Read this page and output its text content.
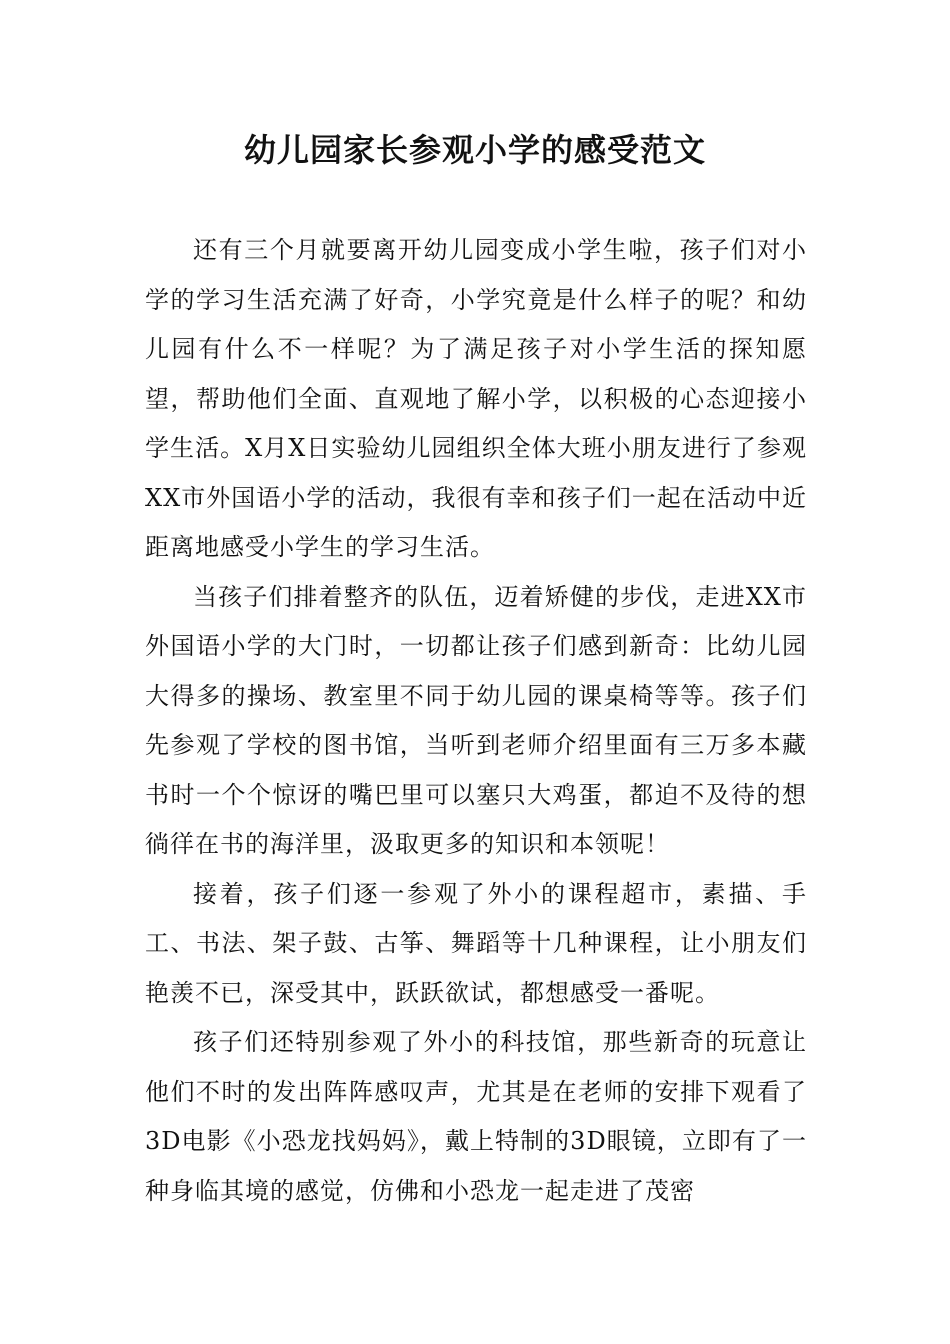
幼儿园家长参观小学的感受范文

还有三个月就要离开幼儿园变成小学生啦，孩子们对小学的学习生活充满了好奇，小学究竟是什么样子的呢？和幼儿园有什么不一样呢？为了满足孩子对小学生活的探知愿望，帮助他们全面、直观地了解小学，以积极的心态迎接小学生活。X月X日实验幼儿园组织全体大班小朋友进行了参观XX市外国语小学的活动，我很有幸和孩子们一起在活动中近距离地感受小学生的学习生活。

当孩子们排着整齐的队伍，迈着矫健的步伐，走进XX市外国语小学的大门时，一切都让孩子们感到新奇：比幼儿园大得多的操场、教室里不同于幼儿园的课桌椅等等。孩子们先参观了学校的图书馆，当听到老师介绍里面有三万多本藏书时一个个惊讶的嘴巴里可以塞只大鸡蛋，都迫不及待的想徜徉在书的海洋里，汲取更多的知识和本领呢！

接着，孩子们逐一参观了外小的课程超市，素描、手工、书法、架子鼓、古筝、舞蹈等十几种课程，让小朋友们艳羡不已，深受其中，跃跃欲试，都想感受一番呢。

孩子们还特别参观了外小的科技馆，那些新奇的玩意让他们不时的发出阵阵感叹声，尤其是在老师的安排下观看了3D电影《小恐龙找妈妈》，戴上特制的3D眼镜，立即有了一种身临其境的感觉，仿佛和小恐龙一起走进了茂密
